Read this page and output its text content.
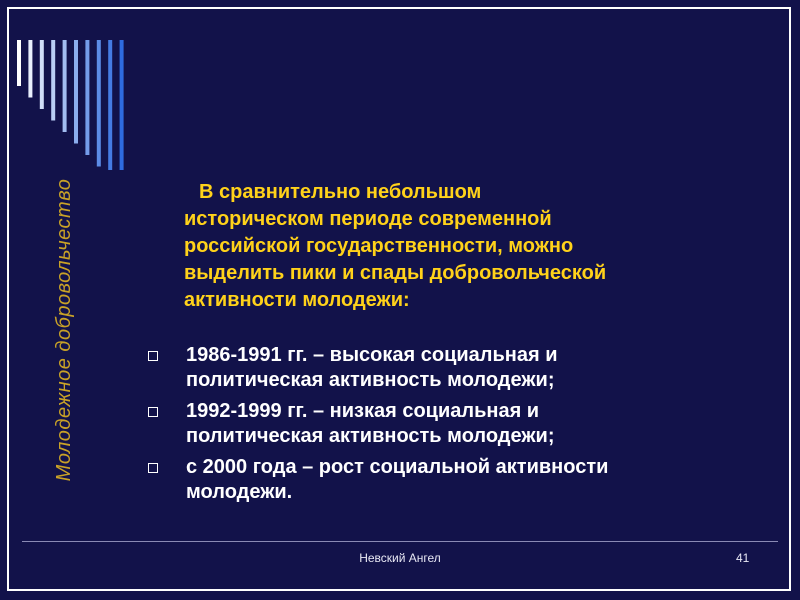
Молодежное добровольчество	В сравнительно небольшом
историческом периоде современной
российской государственности, можно
выделить пики и спады добровольческой
активности молодежи:
1986-1991 гг. – высокая социальная и
политическая активность молодежи;
1992-1999 гг. – низкая социальная и
политическая активность молодежи;
с 2000 года – рост социальной активности
молодежи.
Невский Ангел	41
